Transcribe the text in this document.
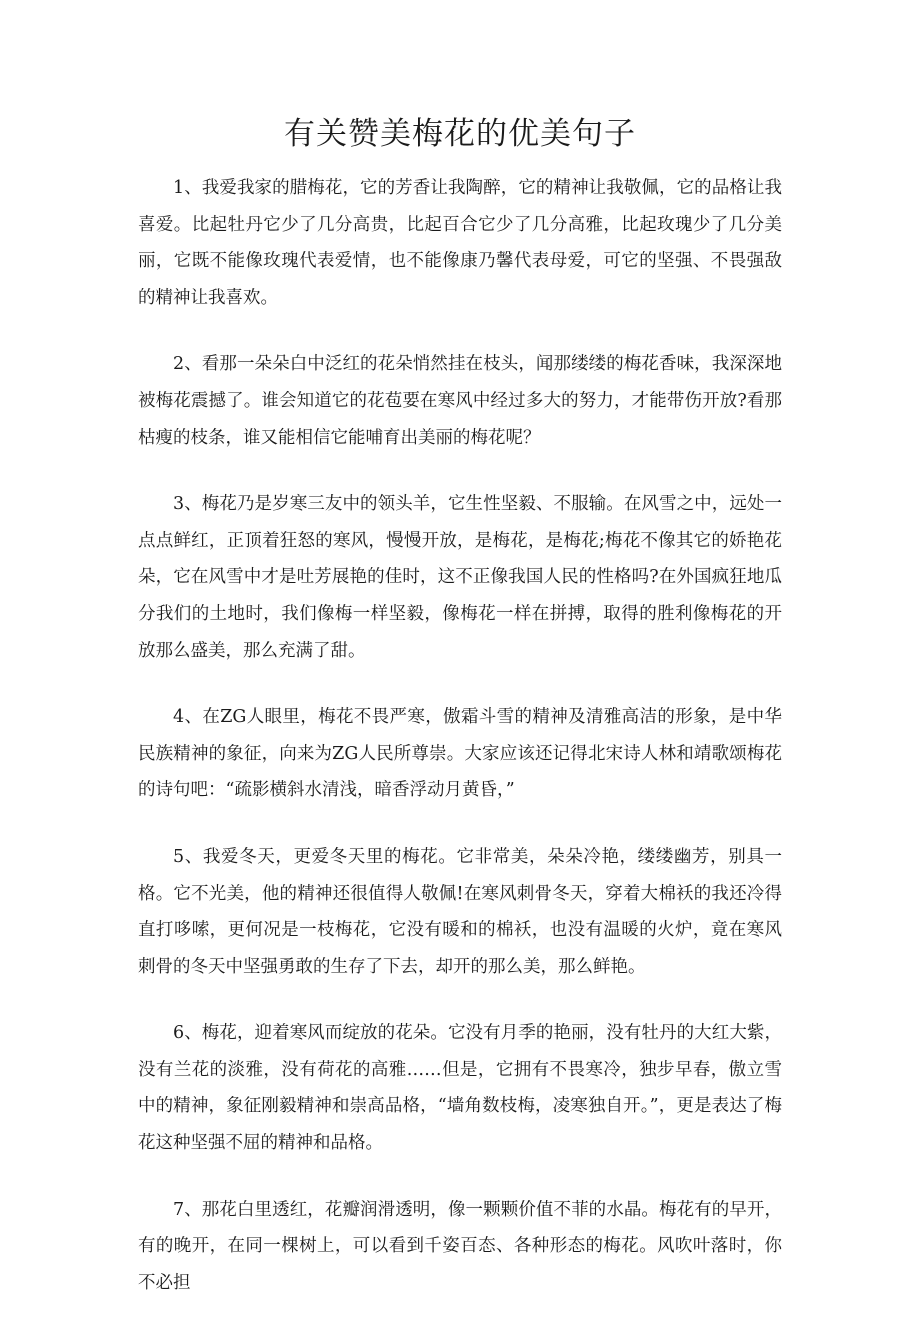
有关赞美梅花的优美句子

1、我爱我家的腊梅花，它的芳香让我陶醉，它的精神让我敬佩，它的品格让我喜爱。比起牡丹它少了几分高贵，比起百合它少了几分高雅，比起玫瑰少了几分美丽，它既不能像玫瑰代表爱情，也不能像康乃馨代表母爱，可它的坚强、不畏强敌的精神让我喜欢。

2、看那一朵朵白中泛红的花朵悄然挂在枝头，闻那缕缕的梅花香味，我深深地被梅花震撼了。谁会知道它的花苞要在寒风中经过多大的努力，才能带伤开放?看那枯瘦的枝条，谁又能相信它能哺育出美丽的梅花呢？

3、梅花乃是岁寒三友中的领头羊，它生性坚毅、不服输。在风雪之中，远处一点点鲜红，正顶着狂怒的寒风，慢慢开放，是梅花，是梅花;梅花不像其它的娇艳花朵，它在风雪中才是吐芳展艳的佳时，这不正像我国人民的性格吗?在外国疯狂地瓜分我们的土地时，我们像梅一样坚毅，像梅花一样在拼搏，取得的胜利像梅花的开放那么盛美，那么充满了甜。

4、在ZG人眼里，梅花不畏严寒，傲霜斗雪的精神及清雅高洁的形象，是中华民族精神的象征，向来为ZG人民所尊崇。大家应该还记得北宋诗人林和靖歌颂梅花的诗句吧：“疏影横斜水清浅，暗香浮动月黄昏，”

5、我爱冬天，更爱冬天里的梅花。它非常美，朵朵冷艳，缕缕幽芳，别具一格。它不光美，他的精神还很值得人敬佩!在寒风刺骨冬天，穿着大棉袄的我还冷得直打哆嗦，更何况是一枝梅花，它没有暖和的棉袄，也没有温暖的火炉，竟在寒风刺骨的冬天中坚强勇敢的生存了下去，却开的那么美，那么鲜艳。

6、梅花，迎着寒风而绽放的花朵。它没有月季的艳丽，没有牡丹的大红大紫，没有兰花的淡雅，没有荷花的高雅……但是，它拥有不畏寒冷，独步早春，傲立雪中的精神，象征刚毅精神和崇高品格，“墙角数枝梅，凌寒独自开。”，更是表达了梅花这种坚强不屈的精神和品格。

7、那花白里透红，花瓣润滑透明，像一颗颗价值不菲的水晶。梅花有的早开，有的晚开，在同一棵树上，可以看到千姿百态、各种形态的梅花。风吹叶落时，你不必担
